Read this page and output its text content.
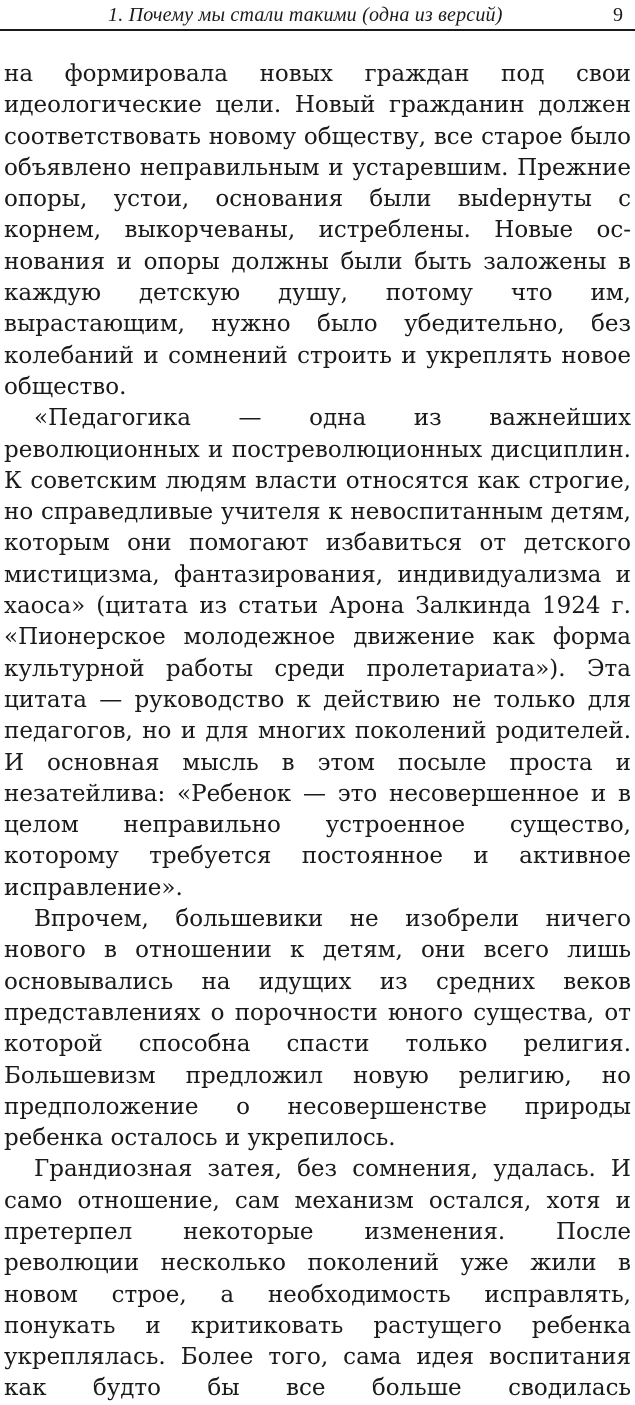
1. Почему мы стали такими (одна из версий)	9

на формировала новых граждан под свои идеологические цели. Новый гражданин должен соответствовать новому обществу, все старое было объявлено неправильным и устаревшим. Прежние опоры, устои, основания были выdернуты с корнем, выкорчеваны, истреблены. Новые основания и опоры должны были быть заложены в каждую детскую душу, потому что им, вырастающим, нужно было убедительно, без колебаний и сомнений строить и укреплять новое общество.

«Педагогика — одна из важнейших революционных и постреволюционных дисциплин. К советским людям власти относятся как строгие, но справедливые учителя к невоспитанным детям, которым они помогают избавиться от детского мистицизма, фантазирования, индивидуализма и хаоса» (цитата из статьи Арона Залкинда 1924 г. «Пионерское молодежное движение как форма культурной работы среди пролетариата»). Эта цитата — руководство к действию не только для педагогов, но и для многих поколений родителей. И основная мысль в этом посыле проста и незатейлива: «Ребенок — это несовершенное и в целом неправильно устроенное существо, которому требуется постоянное и активное исправление».

Впрочем, большевики не изобрели ничего нового в отношении к детям, они всего лишь основывались на идущих из средних веков представлениях о порочности юного существа, от которой способна спасти только религия. Большевизм предложил новую религию, но предположение о несовершенстве природы ребенка осталось и укрепилось.

Грандиозная затея, без сомнения, удалась. И само отношение, сам механизм остался, хотя и претерпел некоторые изменения. После революции несколько поколений уже жили в новом строе, а необходимость исправлять, понукать и критиковать растущего ребенка укреплялась. Более того, сама идея воспитания как будто бы все больше сводилась
